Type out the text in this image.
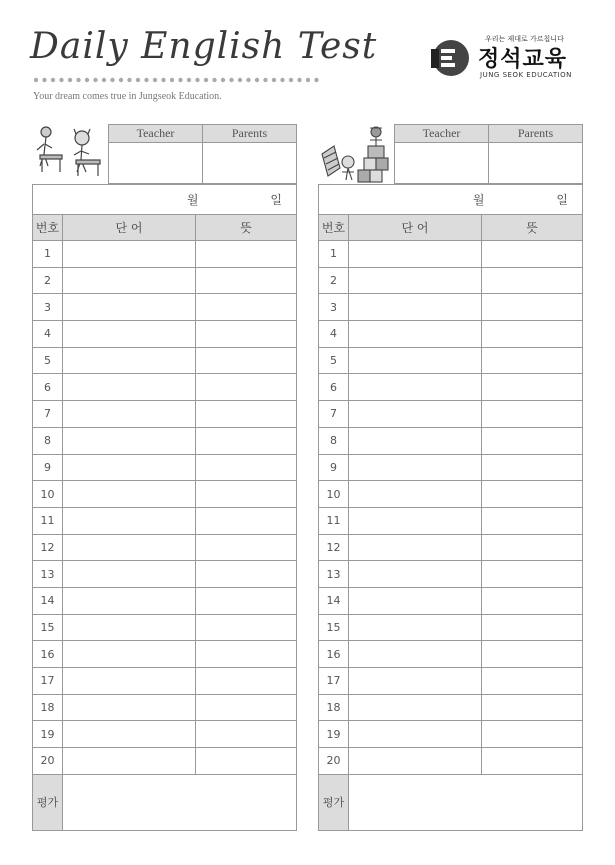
Daily English Test
Your dream comes true in Jungseok Education.
우리는 제대로 가르칩니다
정석교육
JUNG SEOK EDUCATION
Teacher	Parents
월 일		
번호	단 어	뜻
1		
2		
3		
4		
5		
6		
7		
8		
9		
10		
11		
12		
13		
14		
15		
16		
17		
18		
19		
20		
평가		
Teacher	Parents
월 일		
번호	단 어	뜻
1		
2		
3		
4		
5		
6		
7		
8		
9		
10		
11		
12		
13		
14		
15		
16		
17		
18		
19		
20		
평가		
